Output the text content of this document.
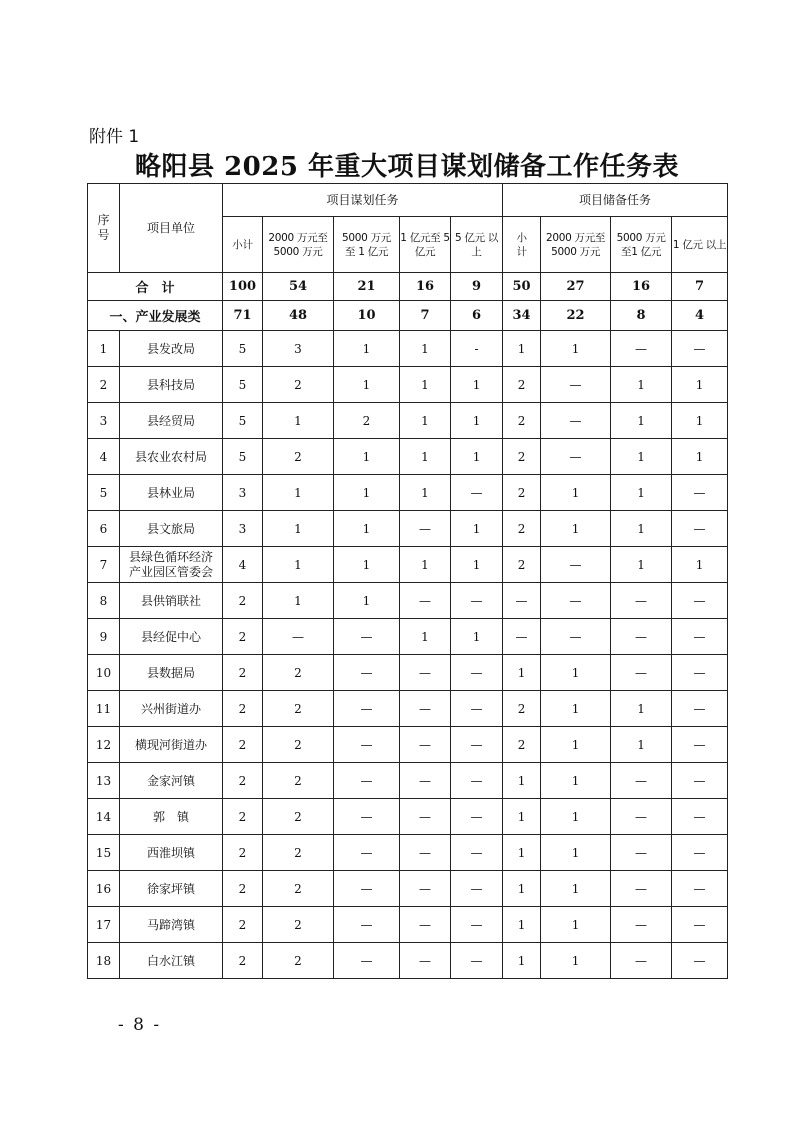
附件 1
略阳县 2025 年重大项目谋划储备工作任务表
序号	项目单位	项目谋划任务					项目储备任务			
		小计	2000 万元至 5000 万元	5000 万元 至 1 亿元	1 亿元至 5亿元	5 亿元 以上	小计	2000 万元至 5000 万元	5000 万元 至1 亿元	1 亿元 以上
合　计		100	54	21	16	9	50	27	16	7
一、产业发展类		71	48	10	7	6	34	22	8	4
1	县发改局	5	3	1	1	-	1	1	—	—
2	县科技局	5	2	1	1	1	2	—	1	1
3	县经贸局	5	1	2	1	1	2	—	1	1
4	县农业农村局	5	2	1	1	1	2	—	1	1
5	县林业局	3	1	1	1	—	2	1	1	—
6	县文旅局	3	1	1	—	1	2	1	1	—
7	县绿色循环经济产业园区管委会	4	1	1	1	1	2	—	1	1
8	县供销联社	2	1	1	—	—	—	—	—	—
9	县经促中心	2	—	—	1	1	—	—	—	—
10	县数据局	2	2	—	—	—	1	1	—	—
11	兴州街道办	2	2	—	—	—	2	1	1	—
12	横现河街道办	2	2	—	—	—	2	1	1	—
13	金家河镇	2	2	—	—	—	1	1	—	—
14	郭　镇	2	2	—	—	—	1	1	—	—
15	西淮坝镇	2	2	—	—	—	1	1	—	—
16	徐家坪镇	2	2	—	—	—	1	1	—	—
17	马蹄湾镇	2	2	—	—	—	1	1	—	—
18	白水江镇	2	2	—	—	—	1	1	—	—
- 8 -
